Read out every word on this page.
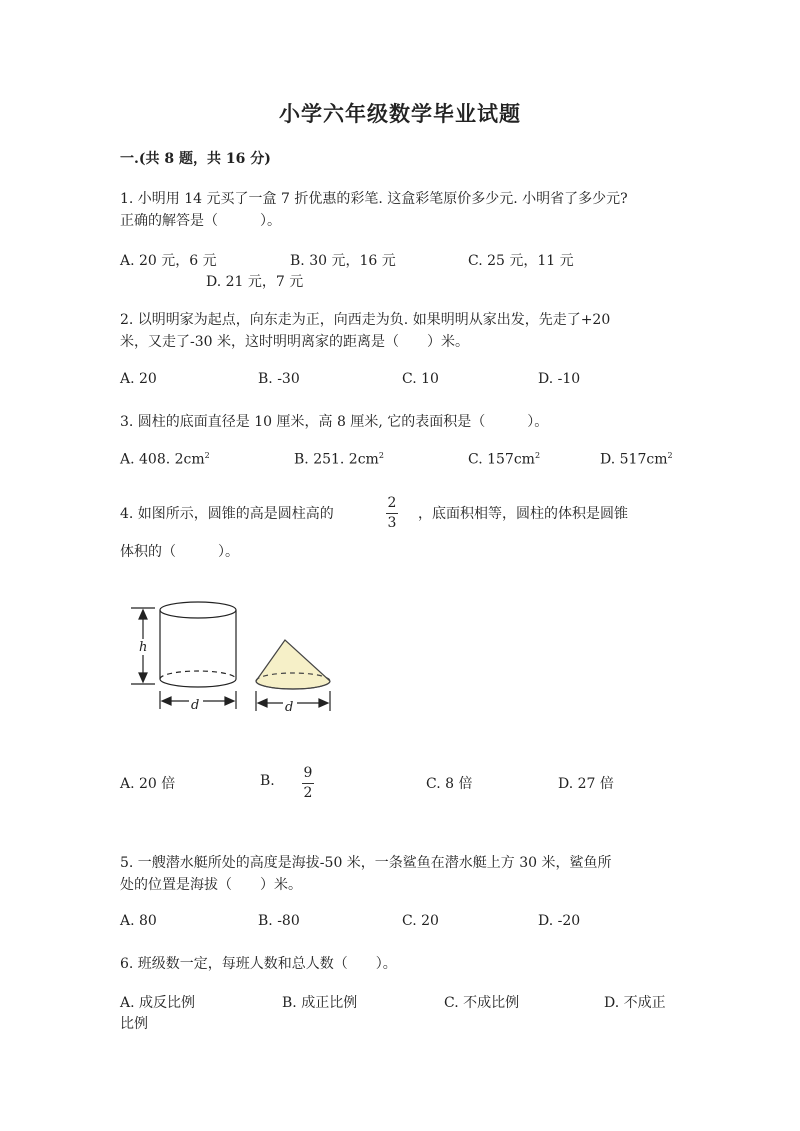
小学六年级数学毕业试题
一.(共 8 题，共 16 分)
1. 小明用 14 元买了一盒 7 折优惠的彩笔. 这盒彩笔原价多少元. 小明省了多少元?
正确的解答是（　　　）。
A. 20 元，6 元	B. 30 元，16 元	C. 25 元，11 元
D. 21 元，7 元
2. 以明明家为起点，向东走为正，向西走为负. 如果明明从家出发，先走了+20
米，又走了-30 米，这时明明离家的距离是（　　）米。
A. 20	B. -30	C. 10	D. -10
3. 圆柱的底面直径是 10 厘米，高 8 厘米, 它的表面积是（　　　）。
A. 408. $2cm^2$	B. 251. $2cm^2$	C. $157cm^2$	D. $517cm^2$
4. 如图所示，圆锥的高是圆柱高的
2
3
，底面积相等，圆柱的体积是圆锥
体积的（　　　）。
h
d	d
A. 20 倍	B. 9
2
C. 8 倍	D. 27 倍
5. 一艘潜水艇所处的高度是海拔-50 米，一条鲨鱼在潜水艇上方 30 米，鲨鱼所
处的位置是海拔（　　）米。
A. 80	B. -80	C. 20	D. -20
6. 班级数一定，每班人数和总人数（　　）。
A. 成反比例	B. 成正比例	C. 不成比例	D. 不成正
比例
